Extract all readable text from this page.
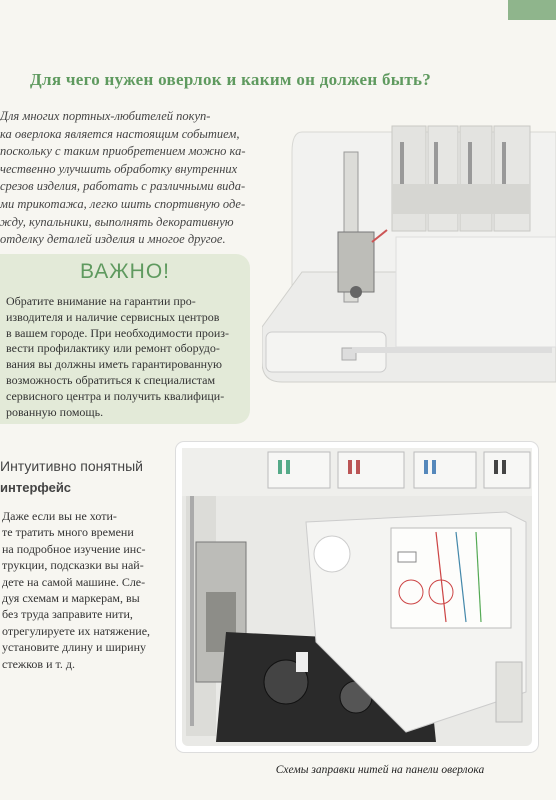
Для чего нужен оверлок и каким он должен быть?

Для многих портных-любителей покуп-
ка оверлока является настоящим событием,
поскольку с таким приобретением можно ка-
чественно улучшить обработку внутренних
срезов изделия, работать с различными вида-
ми трикотажа, легко шить спортивную оде-
жду, купальники, выполнять декоративную
отделку деталей изделия и многое другое.

ВАЖНО!

Обратите внимание на гарантии про-
изводителя и наличие сервисных центров
в вашем городе. При необходимости произ-
вести профилактику или ремонт оборудо-
вания вы должны иметь гарантированную
возможность обратиться к специалистам
сервисного центра и получить квалифици-
рованную помощь.

Интуитивно понятный
интерфейс

Даже если вы не хоти-
те тратить много времени
на подробное изучение инс-
трукции, подсказки вы най-
дете на самой машине. Сле-
дуя схемам и маркерам, вы
без труда заправите нити,
отрегулируете их натяжение,
установите длину и ширину
стежков и т. д.

Схемы заправки нитей на панели оверлока
